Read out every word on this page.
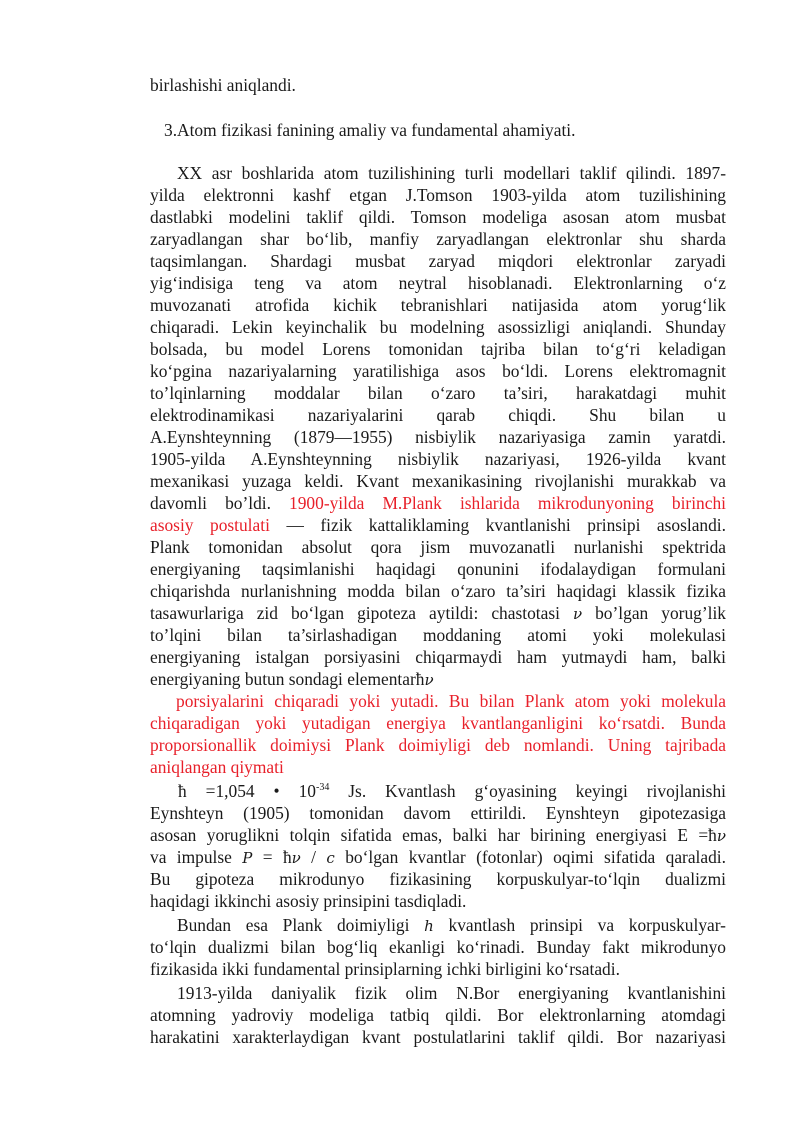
birlashishi aniqlandi.
3.Atom fizikasi fanining amaliy va fundamental ahamiyati.
XX asr boshlarida atom tuzilishining turli modellari taklif qilindi. 1897-
yilda elektronni kashf etgan J.Tomson 1903-yilda atom tuzilishining
dastlabki modelini taklif qildi. Tomson modeliga asosan atom musbat
zaryadlangan shar bo‘lib, manfiy zaryadlangan elektronlar shu sharda
taqsimlangan. Shardagi musbat zaryad miqdori elektronlar zaryadi
yig‘indisiga teng va atom neytral hisoblanadi. Elektronlarning o‘z
muvozanati atrofida kichik tebranishlari natijasida atom yorug‘lik
chiqaradi. Lekin keyinchalik bu modelning asossizligi aniqlandi. Shunday
bolsada, bu model Lorens tomonidan tajriba bilan to‘g‘ri keladigan
ko‘pgina nazariyalarning yaratilishiga asos bo‘ldi. Lorens elektromagnit
to’lqinlarning moddalar bilan o‘zaro ta’siri, harakatdagi muhit
elektrodinamikasi nazariyalarini qarab chiqdi. Shu bilan u
A.Eynshteynning (1879—1955) nisbiylik nazariyasiga zamin yaratdi.
1905-yilda A.Eynshteynning nisbiylik nazariyasi, 1926-yilda kvant
mexanikasi yuzaga keldi. Kvant mexanikasining rivojlanishi murakkab va
davomli bo’ldi. 1900-yilda M.Plank ishlarida mikrodunyoning birinchi
asosiy postulati — fizik kattaliklaming kvantlanishi prinsipi asoslandi.
Plank tomonidan absolut qora jism muvozanatli nurlanishi spektrida
energiyaning taqsimlanishi haqidagi qonunini ifodalaydigan formulani
chiqarishda nurlanishning modda bilan o‘zaro ta’siri haqidagi klassik fizika
tasawurlariga zid bo‘lgan gipoteza aytildi: chastotasi 𝜈 bo’lgan yorug’lik
to’lqini bilan ta’sirlashadigan moddaning atomi yoki molekulasi
energiyaning istalgan porsiyasini chiqarmaydi ham yutmaydi ham, balki
energiyaning butun sondagi elementarħ𝜈
porsiyalarini chiqaradi yoki yutadi. Bu bilan Plank atom yoki molekula
chiqaradigan yoki yutadigan energiya kvantlanganligini ko‘rsatdi. Bunda
proporsionallik doimiysi Plank doimiyligi deb nomlandi. Uning tajribada
aniqlangan qiymati
ħ =1,054 • $10^{-34}$ Js. Kvantlash g‘oyasining keyingi rivojlanishi
Eynshteyn (1905) tomonidan davom ettirildi. Eynshteyn gipotezasiga
asosan yoruglikni tolqin sifatida emas, balki har birining energiyasi E =ħ𝜈
va impulse P = ħ𝜈 / c bo‘lgan kvantlar (fotonlar) oqimi sifatida qaraladi.
Bu gipoteza mikrodunyo fizikasining korpuskulyar-to‘lqin dualizmi
haqidagi ikkinchi asosiy prinsipini tasdiqladi.
Bundan esa Plank doimiyligi h kvantlash prinsipi va korpuskulyar-
to‘lqin dualizmi bilan bog‘liq ekanligi ko‘rinadi. Bunday fakt mikrodunyo
fizikasida ikki fundamental prinsiplarning ichki birligini ko‘rsatadi.
1913-yilda daniyalik fizik olim N.Bor energiyaning kvantlanishini
atomning yadroviy modeliga tatbiq qildi. Bor elektronlarning atomdagi
harakatini xarakterlaydigan kvant postulatlarini taklif qildi. Bor nazariyasi
